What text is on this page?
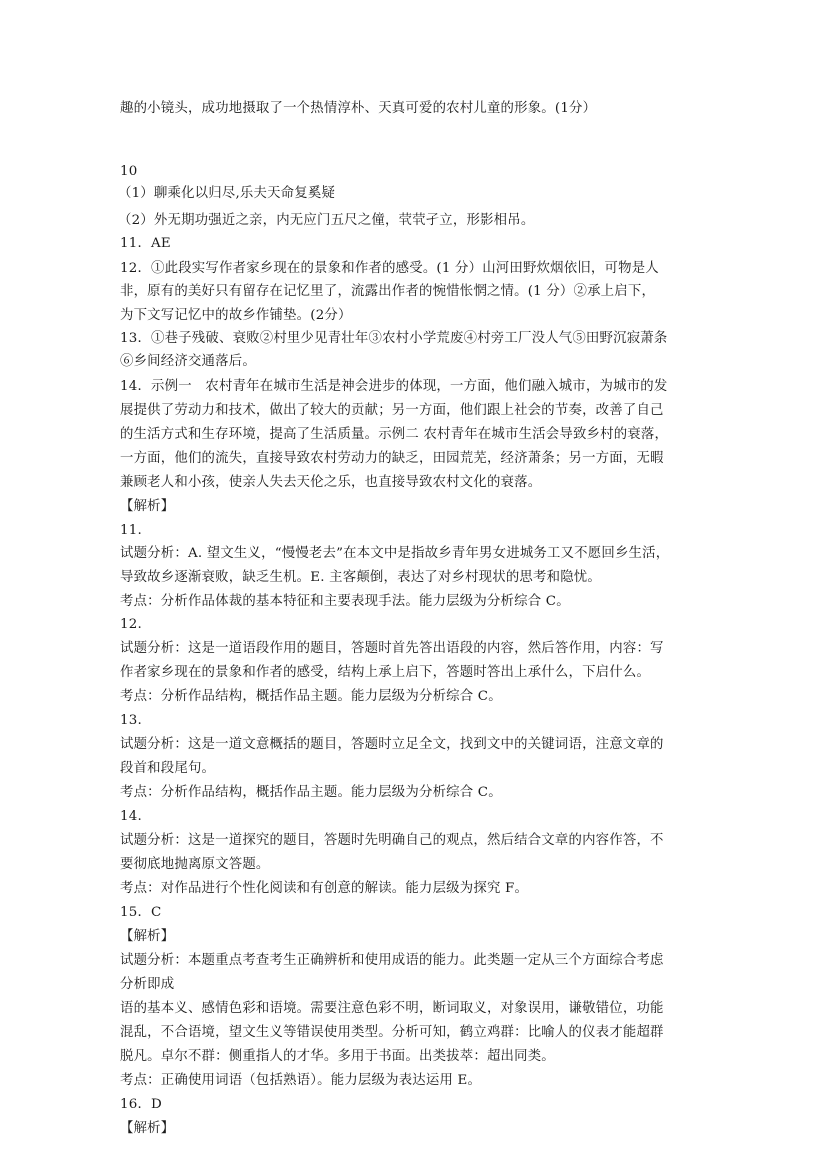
趣的小镜头，成功地摄取了一个热情淳朴、天真可爱的农村儿童的形象。(1分）
10
（1）聊乘化以归尽,乐夫天命复奚疑
（2）外无期功强近之亲，内无应门五尺之僮，茕茕孑立，形影相吊。
11．AE
12．①此段实写作者家乡现在的景象和作者的感受。(1 分）山河田野炊烟依旧，可物是人
非，原有的美好只有留存在记忆里了，流露出作者的惋惜怅惘之情。(1 分）②承上启下，
为下文写记忆中的故乡作铺垫。(2分）
13．①巷子残破、衰败②村里少见青壮年③农村小学荒废④村旁工厂没人气⑤田野沉寂萧条
⑥乡间经济交通落后。
14．示例一　农村青年在城市生活是神会进步的体现，一方面，他们融入城市，为城市的发
展提供了劳动力和技术，做出了较大的贡献；另一方面，他们跟上社会的节奏，改善了自己
的生活方式和生存环境，提高了生活质量。示例二 农村青年在城市生活会导致乡村的衰落，
一方面，他们的流失，直接导致农村劳动力的缺乏，田园荒芜，经济萧条；另一方面，无暇
兼顾老人和小孩，使亲人失去天伦之乐，也直接导致农村文化的衰落。
【解析】
11.
试题分析：A. 望文生义，“慢慢老去”在本文中是指故乡青年男女进城务工又不愿回乡生活，
导致故乡逐渐衰败，缺乏生机。E. 主客颠倒，表达了对乡村现状的思考和隐忧。
考点：分析作品体裁的基本特征和主要表现手法。能力层级为分析综合 C。
12.
试题分析：这是一道语段作用的题目，答题时首先答出语段的内容，然后答作用，内容：写
作者家乡现在的景象和作者的感受，结构上承上启下，答题时答出上承什么，下启什么。
考点：分析作品结构，概括作品主题。能力层级为分析综合 C。
13.
试题分析：这是一道文意概括的题目，答题时立足全文，找到文中的关键词语，注意文章的
段首和段尾句。
考点：分析作品结构，概括作品主题。能力层级为分析综合 C。
14.
试题分析：这是一道探究的题目，答题时先明确自己的观点，然后结合文章的内容作答，不
要彻底地抛离原文答题。
考点：对作品进行个性化阅读和有创意的解读。能力层级为探究 F。
15．C
【解析】
试题分析：本题重点考查考生正确辨析和使用成语的能力。此类题一定从三个方面综合考虑
分析即成
语的基本义、感情色彩和语境。需要注意色彩不明，断词取义，对象误用，谦敬错位，功能
混乱，不合语境，望文生义等错误使用类型。分析可知，鹤立鸡群：比喻人的仪表才能超群
脱凡。卓尔不群：侧重指人的才华。多用于书面。出类拔萃：超出同类。
考点：正确使用词语（包括熟语）。能力层级为表达运用 E。
16．D
【解析】
